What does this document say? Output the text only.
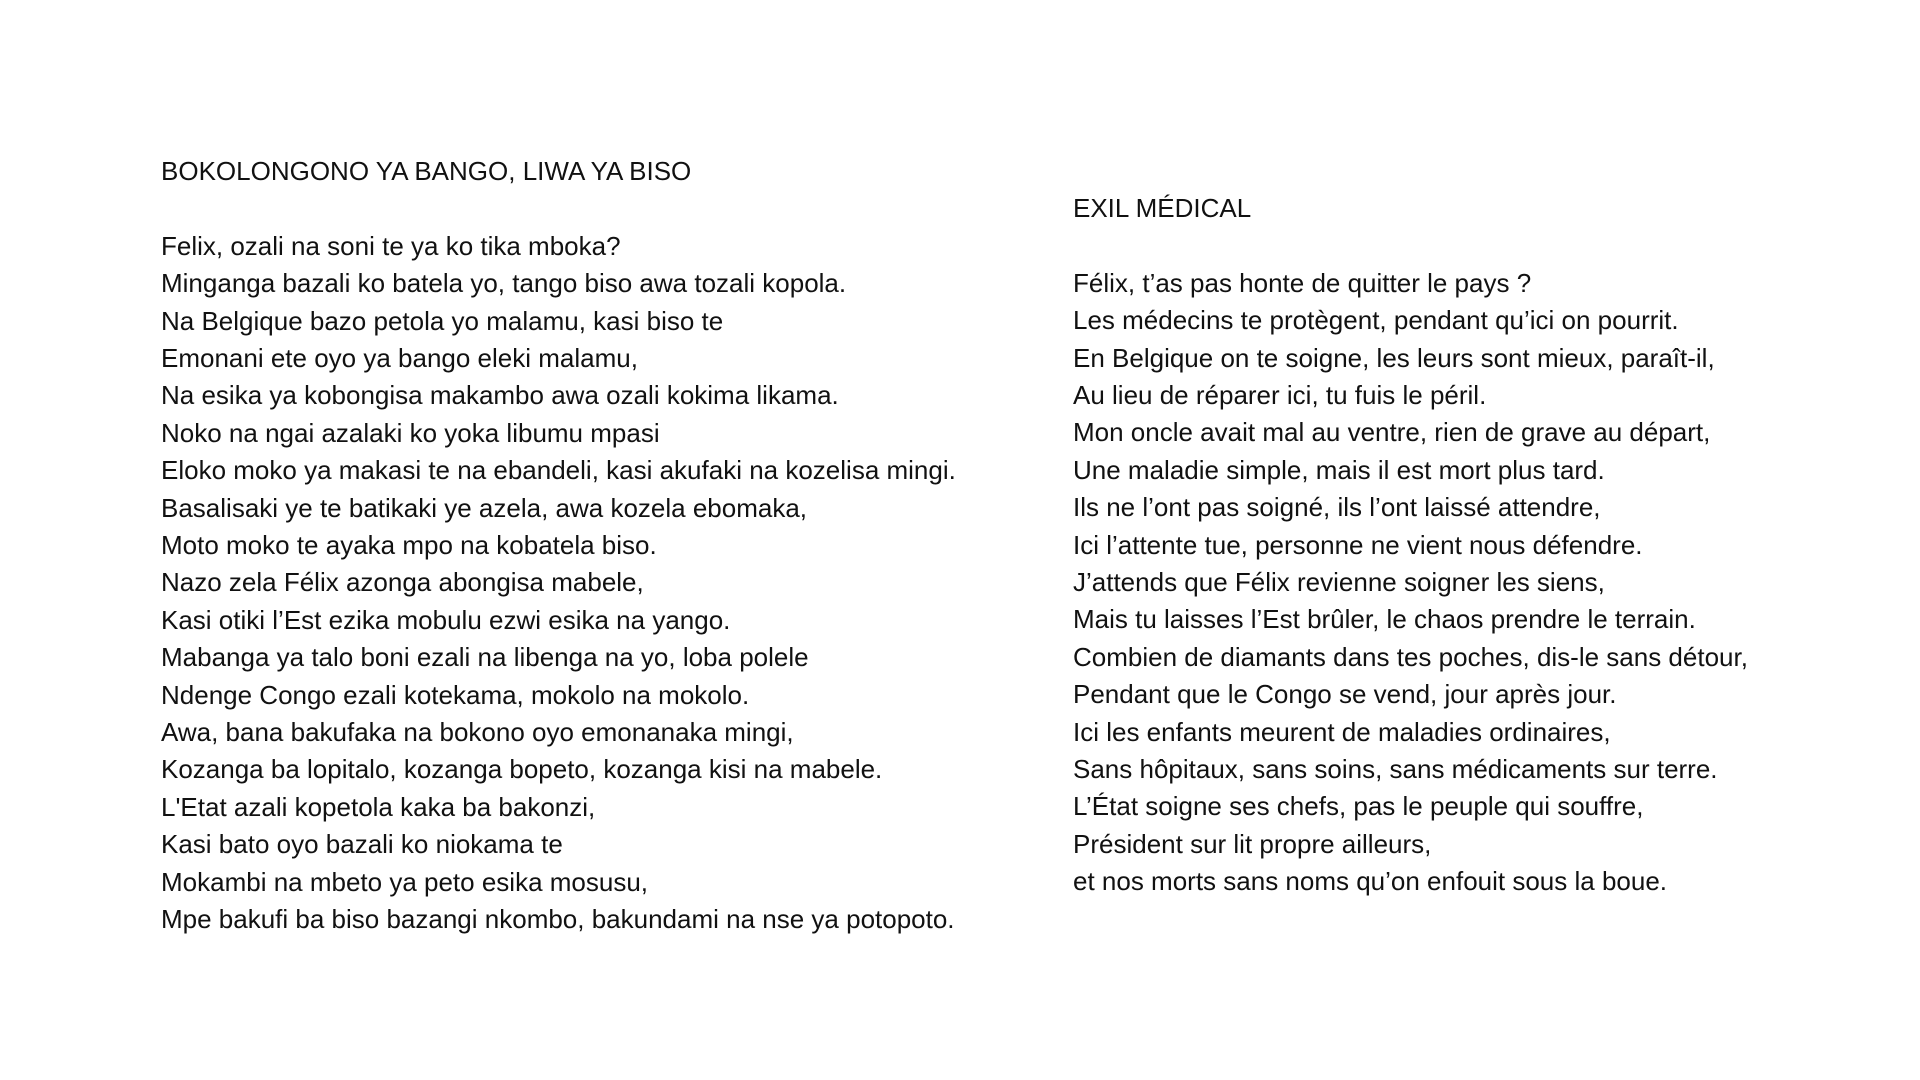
BOKOLONGONO YA BANGO, LIWA YA BISO
Felix, ozali na soni te ya ko tika mboka?
Minganga bazali ko batela yo, tango biso awa tozali kopola.
Na Belgique bazo petola yo malamu, kasi biso te
Emonani ete oyo ya bango eleki malamu,
Na esika ya kobongisa makambo awa ozali kokima likama.
Noko na ngai azalaki ko yoka libumu mpasi
Eloko moko ya makasi te na ebandeli, kasi akufaki na kozelisa mingi.
Basalisaki ye te batikaki ye azela, awa kozela ebomaka,
Moto moko te ayaka mpo na kobatela biso.
Nazo zela Félix azonga abongisa mabele,
Kasi otiki l’Est ezika mobulu ezwi esika na yango.
Mabanga ya talo boni ezali na libenga na yo, loba polele
Ndenge Congo ezali kotekama, mokolo na mokolo.
Awa, bana bakufaka na bokono oyo emonanaka mingi,
Kozanga ba lopitalo, kozanga bopeto, kozanga kisi na mabele.
L'Etat azali kopetola kaka ba bakonzi,
Kasi bato oyo bazali ko niokama te
Mokambi na mbeto ya peto esika mosusu,
Mpe bakufi ba biso bazangi nkombo, bakundami na nse ya potopoto.
EXIL MÉDICAL
Félix, t’as pas honte de quitter le pays ?
Les médecins te protègent, pendant qu’ici on pourrit.
En Belgique on te soigne, les leurs sont mieux, paraît-il,
Au lieu de réparer ici, tu fuis le péril.
Mon oncle avait mal au ventre, rien de grave au départ,
Une maladie simple, mais il est mort plus tard.
Ils ne l’ont pas soigné, ils l’ont laissé attendre,
Ici l’attente tue, personne ne vient nous défendre.
J’attends que Félix revienne soigner les siens,
Mais tu laisses l’Est brûler, le chaos prendre le terrain.
Combien de diamants dans tes poches, dis-le sans détour,
Pendant que le Congo se vend, jour après jour.
Ici les enfants meurent de maladies ordinaires,
Sans hôpitaux, sans soins, sans médicaments sur terre.
L’État soigne ses chefs, pas le peuple qui souffre,
Président sur lit propre ailleurs,
et nos morts sans noms qu’on enfouit sous la boue.
